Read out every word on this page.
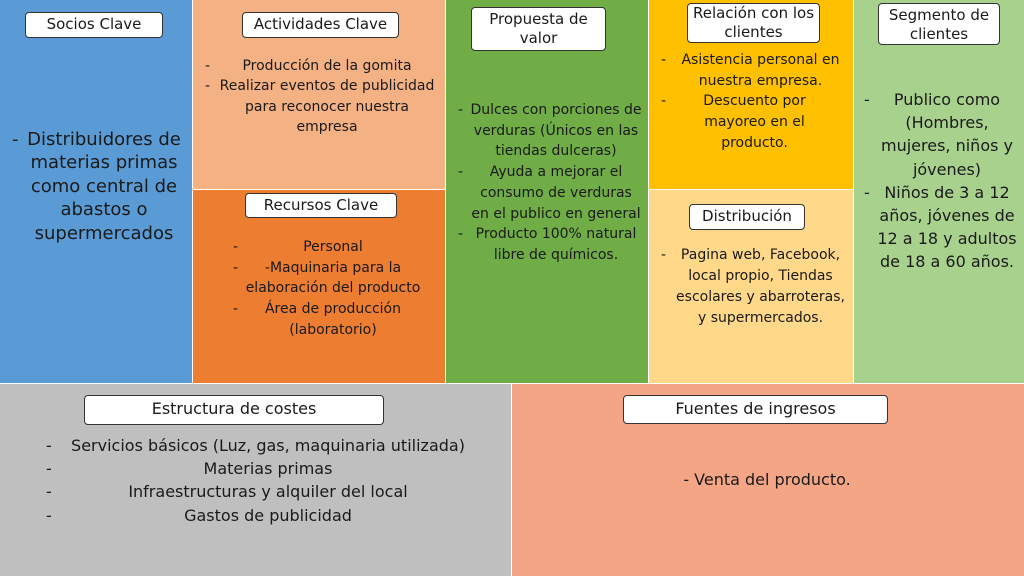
Socios Clave
- Distribuidores de materias primas como central de abastos o supermercados
Actividades Clave
- Producción de la gomita
- Realizar eventos de publicidad para reconocer nuestra empresa
Recursos Clave
- Personal
- -Maquinaria para la elaboración del producto
- Área de producción (laboratorio)
Propuesta de valor
- Dulces con porciones de verduras (Únicos en las tiendas dulceras)
- Ayuda a mejorar el consumo de verduras en el publico en general
- Producto 100% natural libre de químicos.
Relación con los clientes
- Asistencia personal en nuestra empresa.
- Descuento por mayoreo en el producto.
Distribución
- Pagina web, Facebook, local propio, Tiendas escolares y abarroteras, y supermercados.
Segmento de clientes
- Publico como (Hombres, mujeres, niños y jóvenes)
- Niños de 3 a 12 años, jóvenes de 12 a 18 y adultos de 18 a 60 años.
Estructura de costes
- Servicios básicos (Luz, gas, maquinaria utilizada)
- Materias primas
- Infraestructuras y alquiler del local
- Gastos de publicidad
Fuentes de ingresos

- Venta del producto.
